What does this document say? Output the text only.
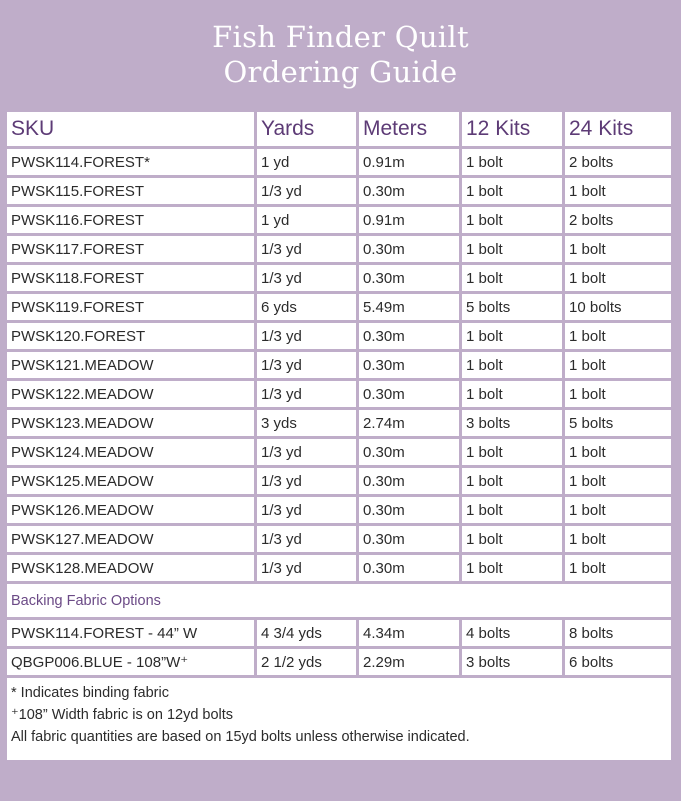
Fish Finder Quilt
Ordering Guide
SKU	Yards	Meters	12 Kits	24 Kits
PWSK114.FOREST*	1 yd	0.91m	1 bolt	2 bolts
PWSK115.FOREST	1/3 yd	0.30m	1 bolt	1 bolt
PWSK116.FOREST	1 yd	0.91m	1 bolt	2 bolts
PWSK117.FOREST	1/3 yd	0.30m	1 bolt	1 bolt
PWSK118.FOREST	1/3 yd	0.30m	1 bolt	1 bolt
PWSK119.FOREST	6 yds	5.49m	5 bolts	10 bolts
PWSK120.FOREST	1/3 yd	0.30m	1 bolt	1 bolt
PWSK121.MEADOW	1/3 yd	0.30m	1 bolt	1 bolt
PWSK122.MEADOW	1/3 yd	0.30m	1 bolt	1 bolt
PWSK123.MEADOW	3 yds	2.74m	3 bolts	5 bolts
PWSK124.MEADOW	1/3 yd	0.30m	1 bolt	1 bolt
PWSK125.MEADOW	1/3 yd	0.30m	1 bolt	1 bolt
PWSK126.MEADOW	1/3 yd	0.30m	1 bolt	1 bolt
PWSK127.MEADOW	1/3 yd	0.30m	1 bolt	1 bolt
PWSK128.MEADOW	1/3 yd	0.30m	1 bolt	1 bolt
Backing Fabric Options				
PWSK114.FOREST - 44” W	4 3/4 yds	4.34m	4 bolts	8 bolts
QBGP006.BLUE - 108”W⁺	2 1/2 yds	2.29m	3 bolts	6 bolts

* Indicates binding fabric
⁺108” Width fabric is on 12yd bolts
All fabric quantities are based on 15yd bolts unless otherwise indicated.				
